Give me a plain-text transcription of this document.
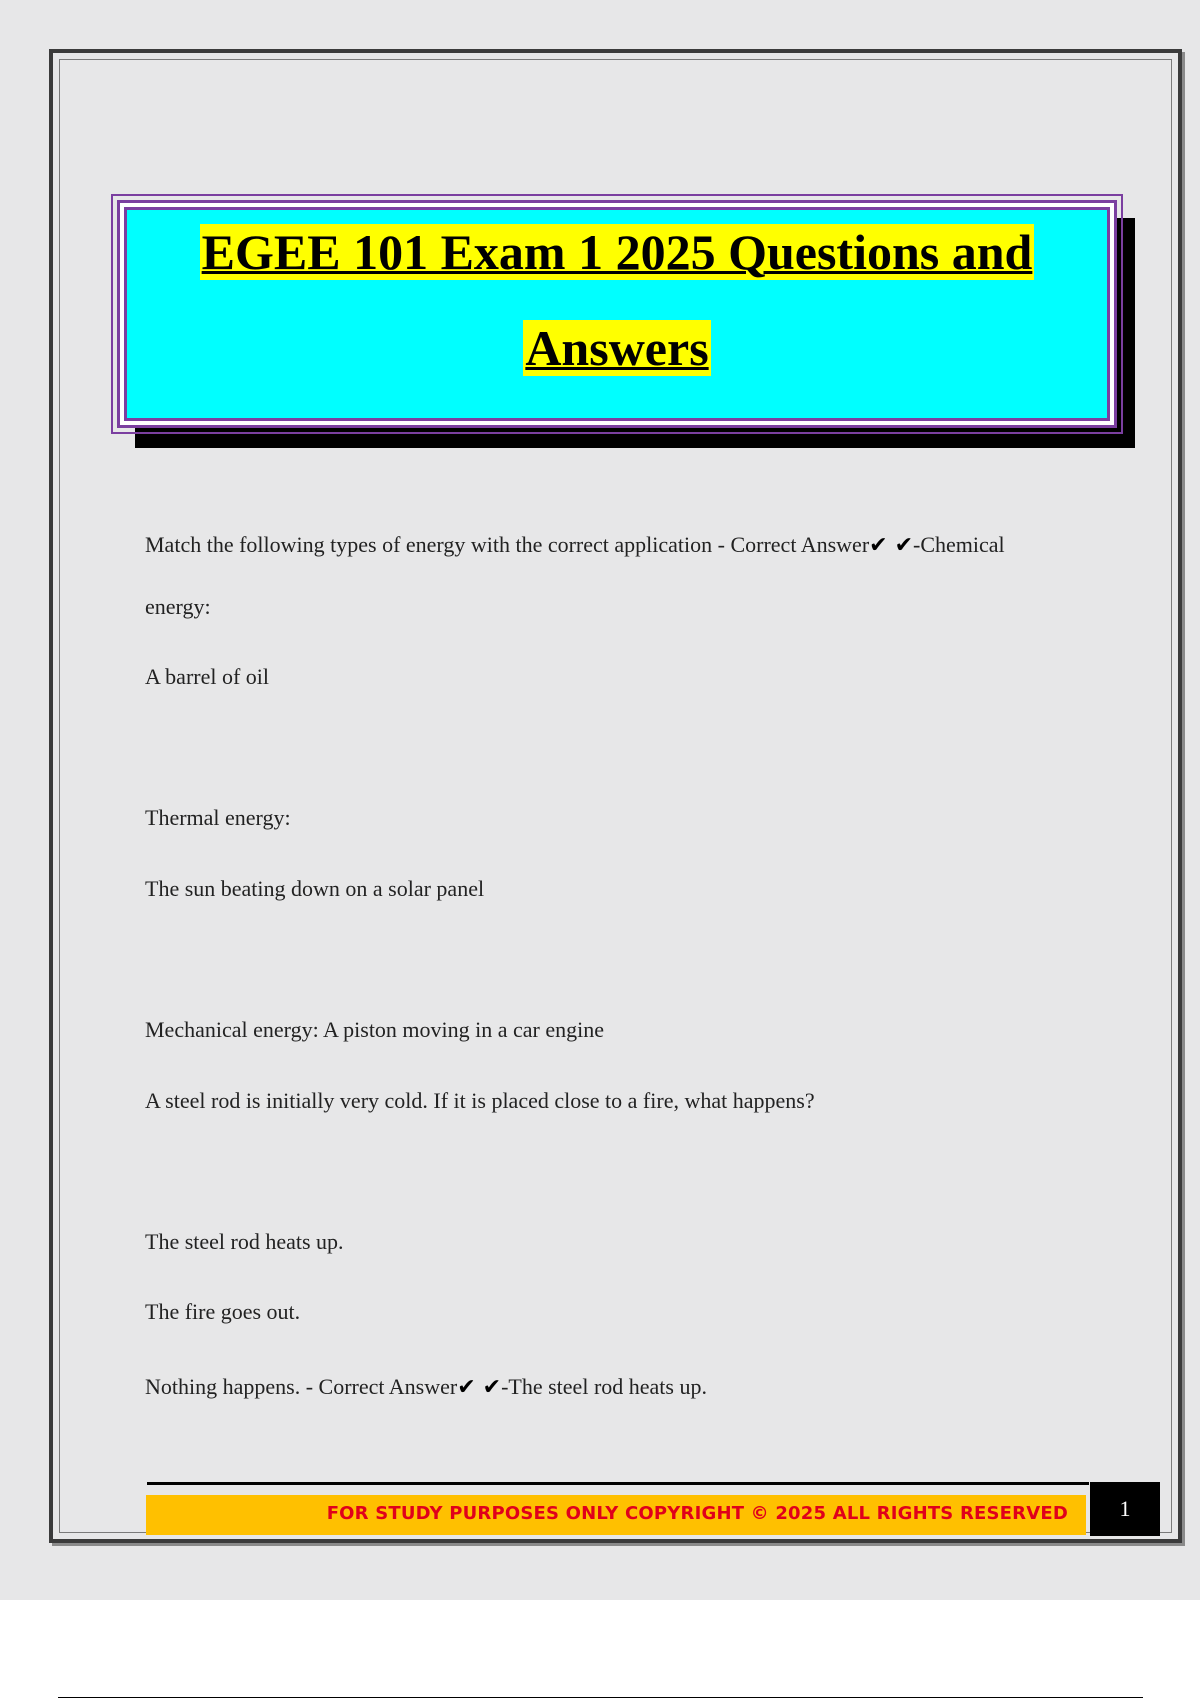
EGEE 101 Exam 1 2025 Questions and
Answers
Match the following types of energy with the correct application - Correct Answer✔ ✔-Chemical
energy:
A barrel of oil
Thermal energy:
The sun beating down on a solar panel
Mechanical energy: A piston moving in a car engine
A steel rod is initially very cold. If it is placed close to a fire, what happens?
The steel rod heats up.
The fire goes out.
Nothing happens. - Correct Answer✔ ✔-The steel rod heats up.
FOR STUDY PURPOSES ONLY COPYRIGHT © 2025 ALL RIGHTS RESERVED	1
